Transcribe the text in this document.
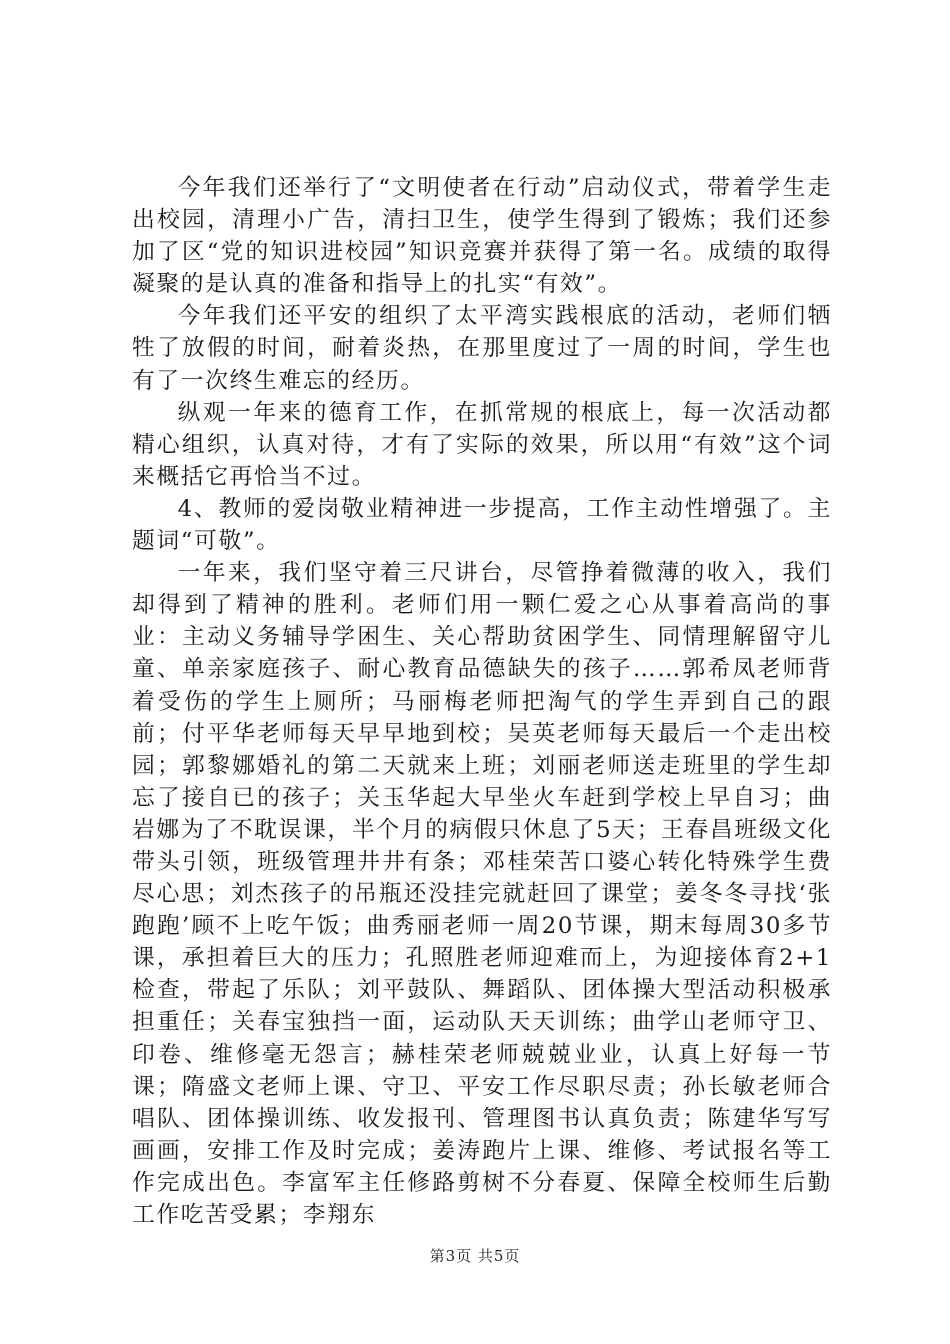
今年我们还举行了“文明使者在行动”启动仪式，带着学生走出校园，清理小广告，清扫卫生，使学生得到了锻炼；我们还参加了区“党的知识进校园”知识竞赛并获得了第一名。成绩的取得凝聚的是认真的准备和指导上的扎实“有效”。

今年我们还平安的组织了太平湾实践根底的活动，老师们牺牲了放假的时间，耐着炎热，在那里度过了一周的时间，学生也有了一次终生难忘的经历。

纵观一年来的德育工作，在抓常规的根底上，每一次活动都精心组织，认真对待，才有了实际的效果，所以用“有效”这个词来概括它再恰当不过。

4、教师的爱岗敬业精神进一步提高，工作主动性增强了。主题词“可敬”。

一年来，我们坚守着三尺讲台，尽管挣着微薄的收入，我们却得到了精神的胜利。老师们用一颗仁爱之心从事着高尚的事业：主动义务辅导学困生、关心帮助贫困学生、同情理解留守儿童、单亲家庭孩子、耐心教育品德缺失的孩子……郭希凤老师背着受伤的学生上厕所；马丽梅老师把淘气的学生弄到自己的跟前；付平华老师每天早早地到校；吴英老师每天最后一个走出校园；郭黎娜婚礼的第二天就来上班；刘丽老师送走班里的学生却忘了接自已的孩子；关玉华起大早坐火车赶到学校上早自习；曲岩娜为了不耽误课，半个月的病假只休息了5天；王春昌班级文化带头引领，班级管理井井有条；邓桂荣苦口婆心转化特殊学生费尽心思；刘杰孩子的吊瓶还没挂完就赶回了课堂；姜冬冬寻找‘张跑跑’顾不上吃午饭；曲秀丽老师一周20节课，期末每周30多节课，承担着巨大的压力；孔照胜老师迎难而上，为迎接体育2+1检查，带起了乐队；刘平鼓队、舞蹈队、团体操大型活动积极承担重任；关春宝独挡一面，运动队天天训练；曲学山老师守卫、印卷、维修毫无怨言；赫桂荣老师兢兢业业，认真上好每一节课；隋盛文老师上课、守卫、平安工作尽职尽责；孙长敏老师合唱队、团体操训练、收发报刊、管理图书认真负责；陈建华写写画画，安排工作及时完成；姜涛跑片上课、维修、考试报名等工作完成出色。李富军主任修路剪树不分春夏、保障全校师生后勤工作吃苦受累；李翔东

第3页 共5页
